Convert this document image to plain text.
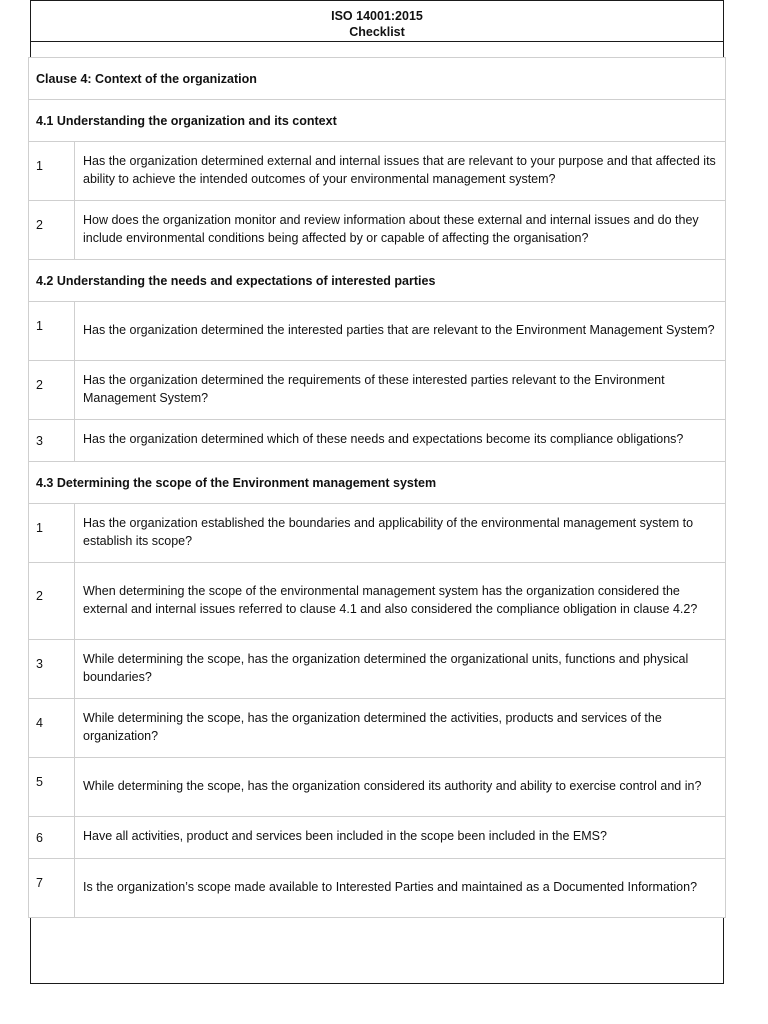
ISO 14001:2015
Checklist
Clause 4: Context of the organization
4.1 Understanding the organization and its context
1	Has the organization determined external and internal issues that are relevant to your purpose and that affected its ability to achieve the intended outcomes of your environmental management system?
2	How does the organization monitor and review information about these external and internal issues and do they include environmental conditions being affected by or capable of affecting the organisation?
4.2 Understanding the needs and expectations of interested parties
1	Has the organization determined the interested parties that are relevant to the Environment Management System?
2	Has the organization determined the requirements of these interested parties relevant to the Environment Management System?
3	Has the organization determined which of these needs and expectations become its compliance obligations?
4.3 Determining the scope of the Environment management system
1	Has the organization established the boundaries and applicability of the environmental management system to establish its scope?
2	When determining the scope of the environmental management system has the organization considered the external and internal issues referred to clause 4.1 and also considered the compliance obligation in clause 4.2?
3	While determining the scope, has the organization determined the organizational units, functions and physical boundaries?
4	While determining the scope, has the organization determined the activities, products and services of the organization?
5	While determining the scope, has the organization considered its authority and ability to exercise control and in?
6	Have all activities, product and services been included in the scope been included in the EMS?
7	Is the organization’s scope made available to Interested Parties and maintained as a Documented Information?
